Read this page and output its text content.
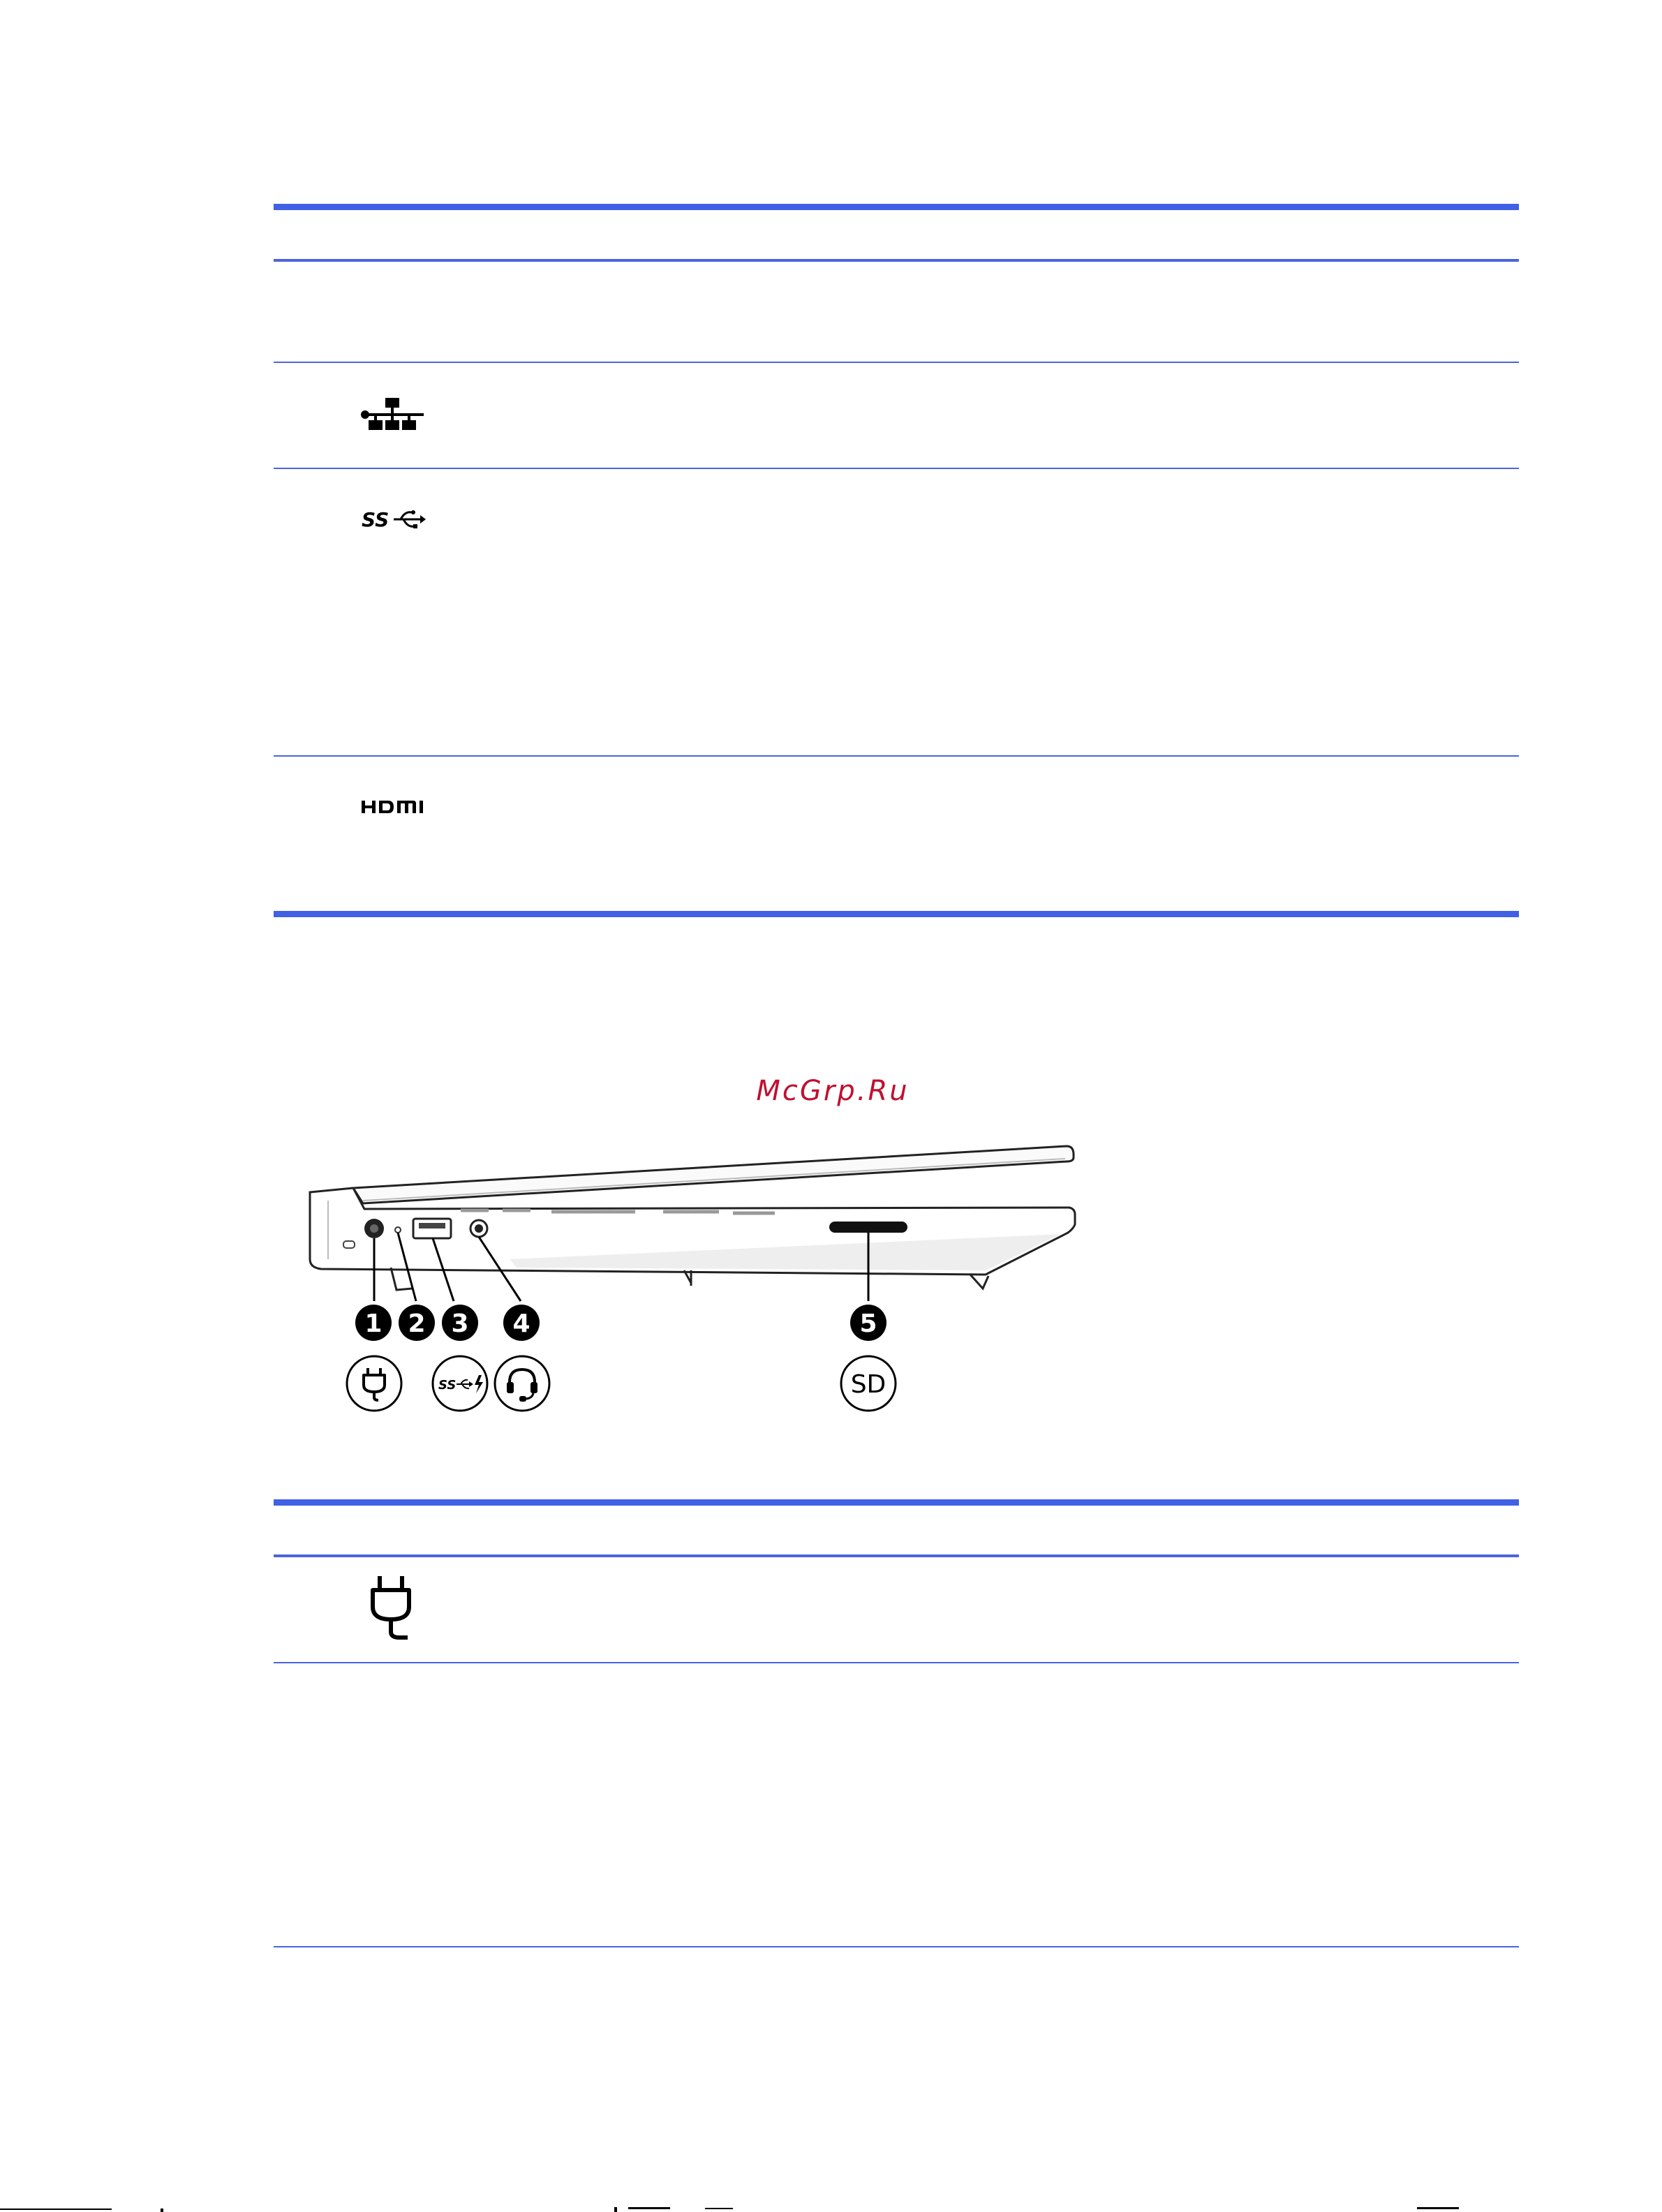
SS
McGrp.Ru
1 2 3 4	5
SS	SD
